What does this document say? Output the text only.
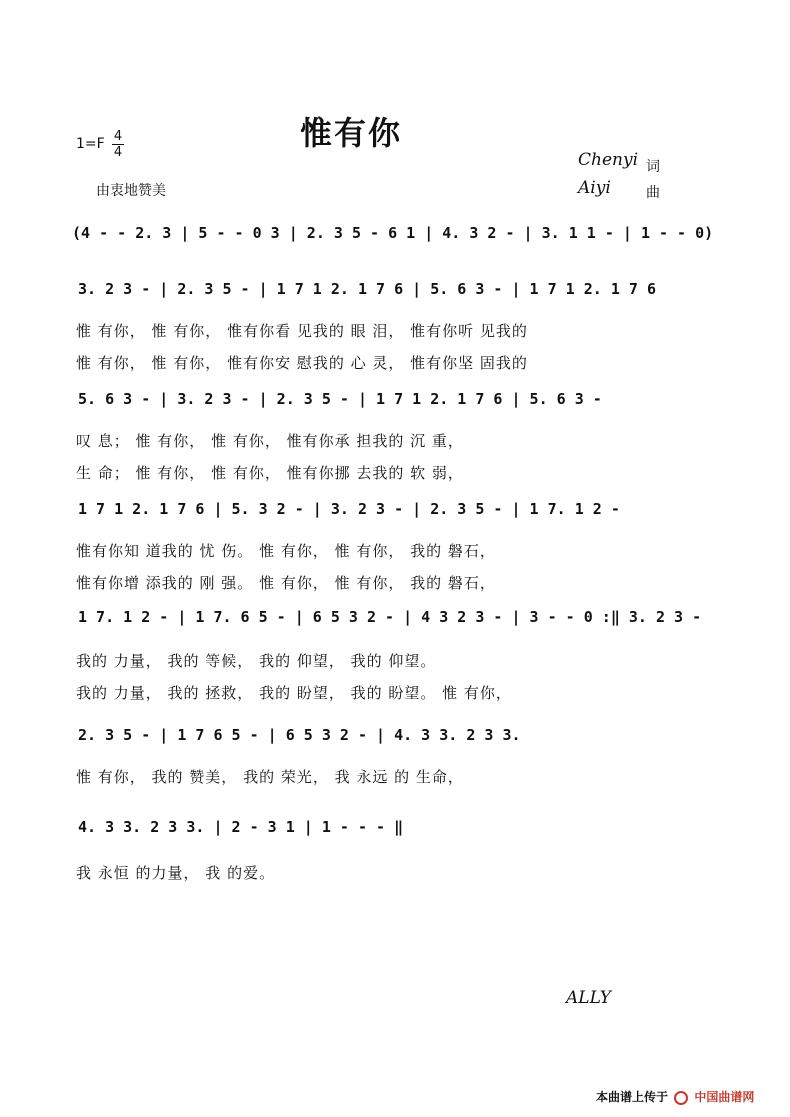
惟有你
1=F 4
4
由衷地赞美
Chenyi 词
Aiyi	曲
(4 - - 2. 3 | 5 - - 0 3 | 2. 3 5 - 6 1 | 4. 3 2 - | 3. 1 1 - | 1 - - 0)
3. 2 3 - | 2. 3 5 - | 1 7 1 2. 1 7 6 | 5. 6 3 - | 1 7 1 2. 1 7 6
惟 有你， 惟 有你， 惟有你看 见我的 眼 泪， 惟有你听 见我的
惟 有你， 惟 有你， 惟有你安 慰我的 心 灵， 惟有你坚 固我的
5. 6 3 - | 3. 2 3 - | 2. 3 5 - | 1 7 1 2. 1 7 6 | 5. 6 3 -
叹 息； 惟 有你， 惟 有你， 惟有你承 担我的 沉 重，
生 命； 惟 有你， 惟 有你， 惟有你挪 去我的 软 弱，
1 7 1 2. 1 7 6 | 5. 3 2 - | 3. 2 3 - | 2. 3 5 - | 1 7. 1 2 -
惟有你知 道我的 忧 伤。 惟 有你， 惟 有你， 我的 磐石，
惟有你增 添我的 刚 强。 惟 有你， 惟 有你， 我的 磐石，
1 7. 1 2 - | 1 7. 6 5 - | 6 5 3 2 - | 4 3 2 3 - | 3 - - 0 :‖ 3. 2 3 -
我的 力量， 我的 等候， 我的 仰望， 我的 仰望。
我的 力量， 我的 拯救， 我的 盼望， 我的 盼望。 惟 有你，
2. 3 5 - | 1 7 6 5 - | 6 5 3 2 - | 4. 3 3. 2 3 3.
惟 有你， 我的 赞美， 我的 荣光， 我 永远 的 生命，
4. 3 3. 2 3 3. | 2 - 3 1 | 1 - - - ‖
我 永恒 的力量， 我 的爱。
ALLY
本曲谱上传于 中国曲谱网
